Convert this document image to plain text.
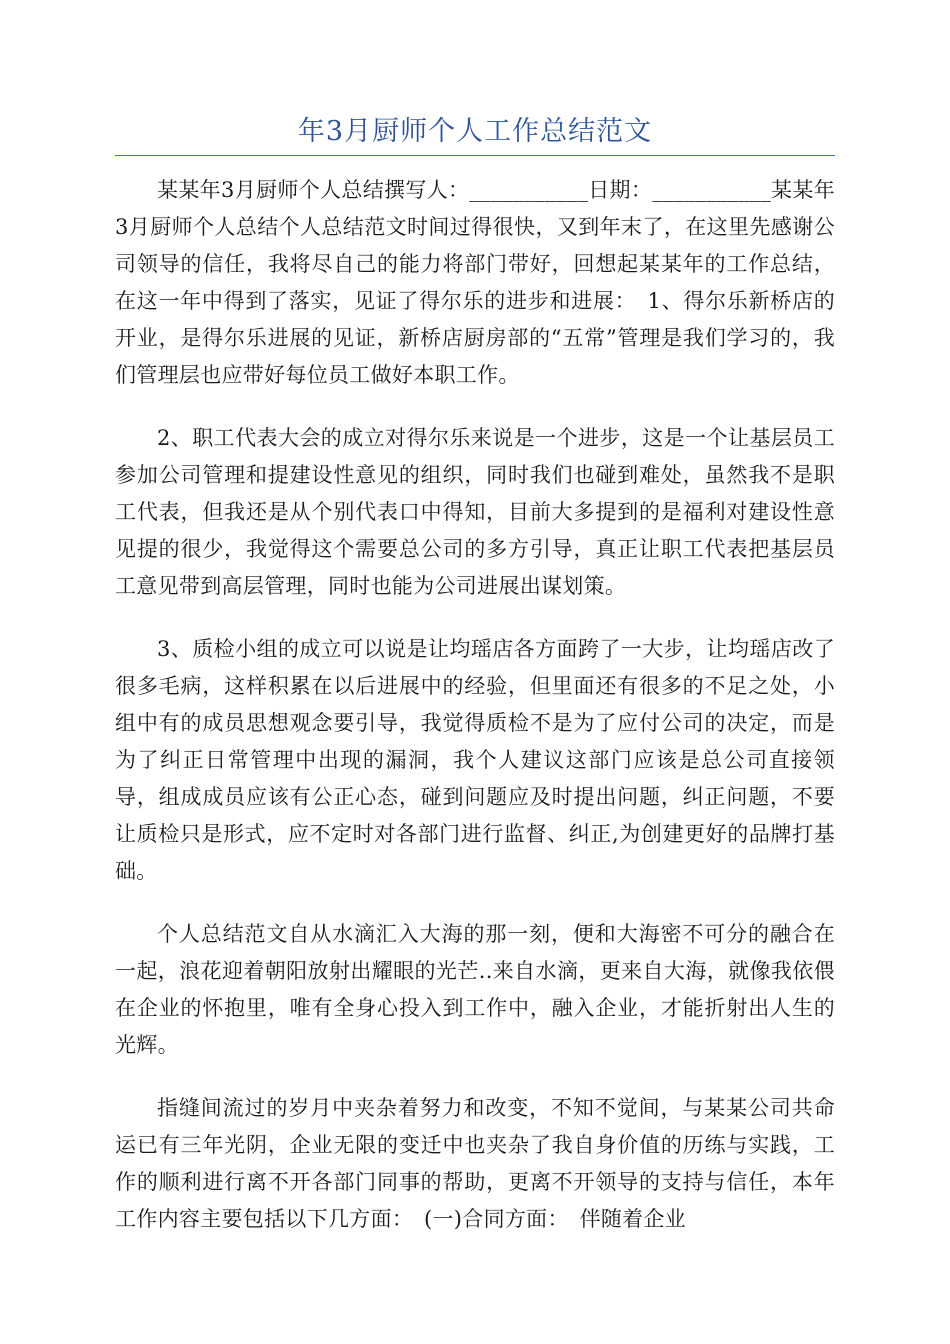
年3月厨师个人工作总结范文

某某年3月厨师个人总结撰写人：___________日期：___________某某年3月厨师个人总结个人总结范文时间过得很快，又到年末了，在这里先感谢公司领导的信任，我将尽自己的能力将部门带好，回想起某某年的工作总结，在这一年中得到了落实，见证了得尔乐的进步和进展：　1、得尔乐新桥店的开业，是得尔乐进展的见证，新桥店厨房部的“五常”管理是我们学习的，我们管理层也应带好每位员工做好本职工作。

2、职工代表大会的成立对得尔乐来说是一个进步，这是一个让基层员工参加公司管理和提建设性意见的组织，同时我们也碰到难处，虽然我不是职工代表，但我还是从个别代表口中得知，目前大多提到的是福利对建设性意见提的很少，我觉得这个需要总公司的多方引导，真正让职工代表把基层员工意见带到高层管理，同时也能为公司进展出谋划策。

3、质检小组的成立可以说是让均瑶店各方面跨了一大步，让均瑶店改了很多毛病，这样积累在以后进展中的经验，但里面还有很多的不足之处，小组中有的成员思想观念要引导，我觉得质检不是为了应付公司的决定，而是为了纠正日常管理中出现的漏洞，我个人建议这部门应该是总公司直接领导，组成成员应该有公正心态，碰到问题应及时提出问题，纠正问题，不要让质检只是形式，应不定时对各部门进行监督、纠正,为创建更好的品牌打基础。

个人总结范文自从水滴汇入大海的那一刻，便和大海密不可分的融合在一起，浪花迎着朝阳放射出耀眼的光芒..来自水滴，更来自大海，就像我依偎在企业的怀抱里，唯有全身心投入到工作中，融入企业，才能折射出人生的光辉。

指缝间流过的岁月中夹杂着努力和改变，不知不觉间，与某某公司共命运已有三年光阴，企业无限的变迁中也夹杂了我自身价值的历练与实践，工作的顺利进行离不开各部门同事的帮助，更离不开领导的支持与信任，本年工作内容主要包括以下几方面：　(一)合同方面：　伴随着企业
